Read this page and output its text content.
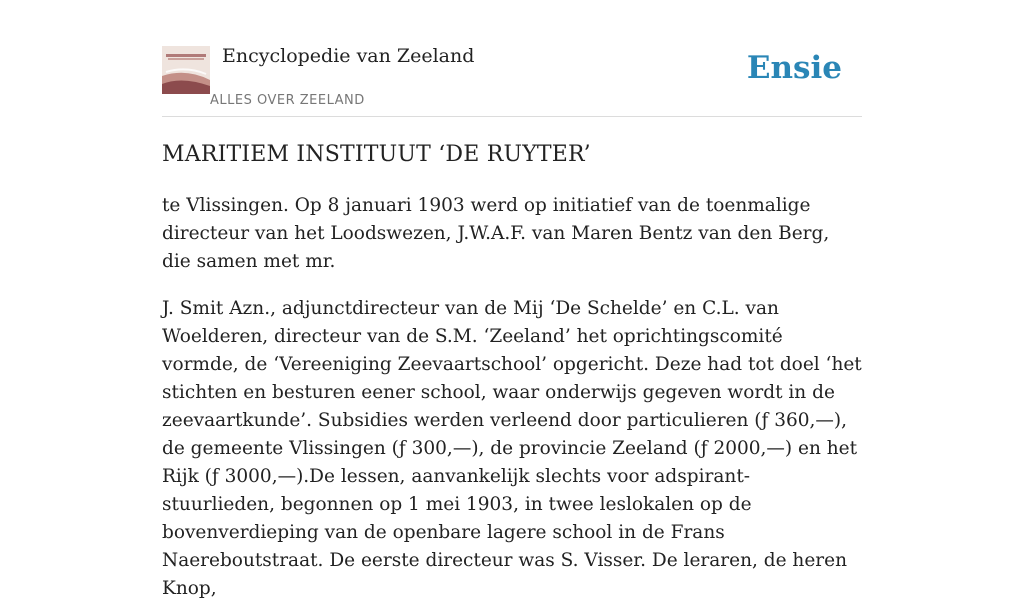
Encyclopedie van Zeeland
ALLES OVER ZEELAND
Ensie
MARITIEM INSTITUUT ‘DE RUYTER’

te Vlissingen. Op 8 januari 1903 werd op initiatief van de toenmalige directeur van het Loodswezen, J.W.A.F. van Maren Bentz van den Berg, die samen met mr.

J. Smit Azn., adjunctdirecteur van de Mij ‘De Schelde’ en C.L. van Woelderen, directeur van de S.M. ‘Zeeland’ het oprichtingscomité vormde, de ‘Vereeniging Zeevaartschool’ opgericht. Deze had tot doel ‘het stichten en besturen eener school, waar onderwijs gegeven wordt in de zeevaartkunde’. Subsidies werden verleend door particulieren (ƒ 360,—), de gemeente Vlissingen (ƒ 300,—), de provincie Zeeland (ƒ 2000,—) en het Rijk (ƒ 3000,—).De lessen, aanvankelijk slechts voor adspirant-stuurlieden, begonnen op 1 mei 1903, in twee leslokalen op de bovenverdieping van de openbare lagere school in de Frans Naereboutstraat. De eerste directeur was S. Visser. De leraren, de heren Knop,
